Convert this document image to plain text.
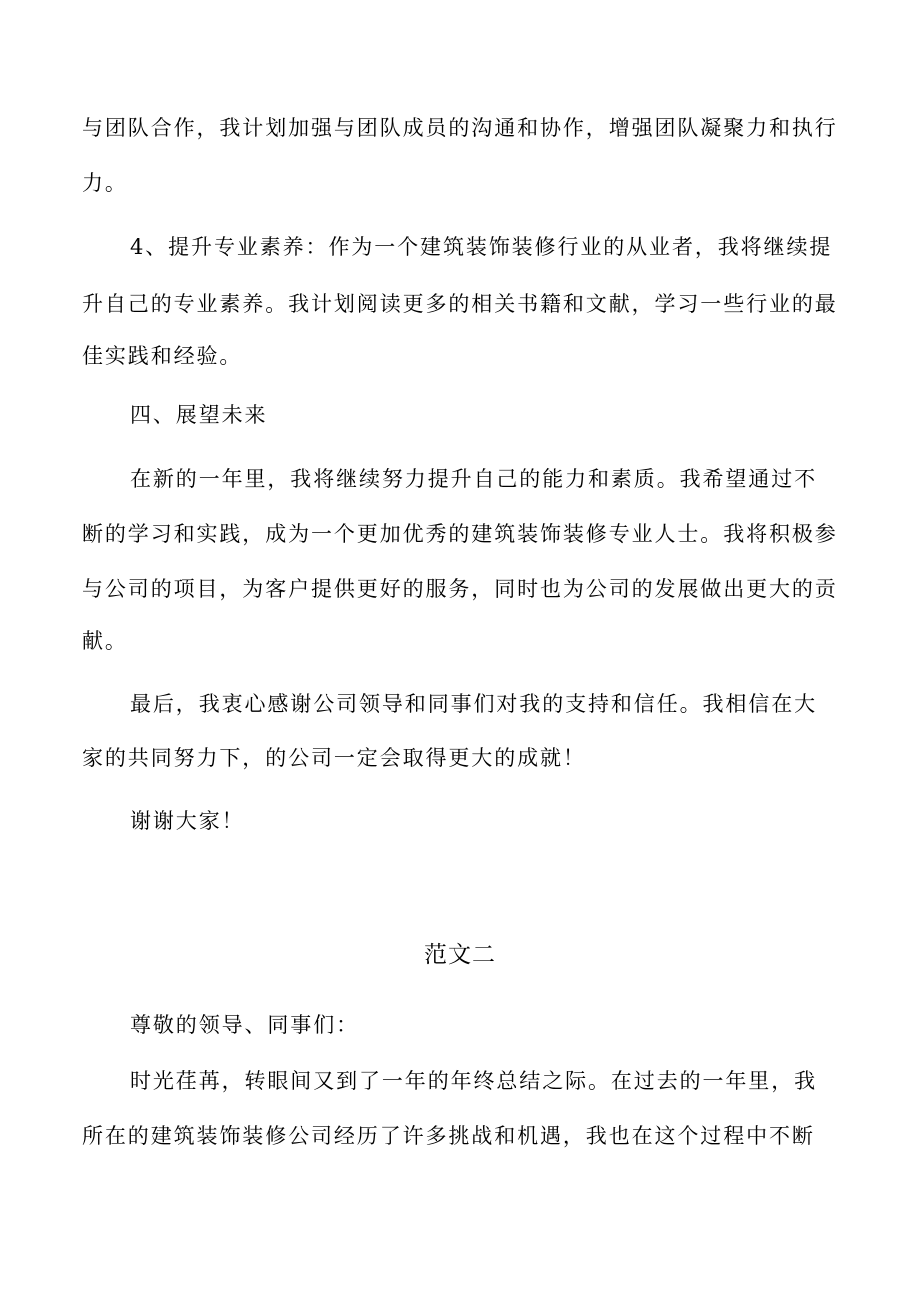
与团队合作，我计划加强与团队成员的沟通和协作，增强团队凝聚力和执行
力。
4、提升专业素养：作为一个建筑装饰装修行业的从业者，我将继续提
升自己的专业素养。我计划阅读更多的相关书籍和文献，学习一些行业的最
佳实践和经验。
四、展望未来
在新的一年里，我将继续努力提升自己的能力和素质。我希望通过不
断的学习和实践，成为一个更加优秀的建筑装饰装修专业人士。我将积极参
与公司的项目，为客户提供更好的服务，同时也为公司的发展做出更大的贡
献。
最后，我衷心感谢公司领导和同事们对我的支持和信任。我相信在大
家的共同努力下，的公司一定会取得更大的成就！
谢谢大家！
范文二
尊敬的领导、同事们：
时光荏苒，转眼间又到了一年的年终总结之际。在过去的一年里，我
所在的建筑装饰装修公司经历了许多挑战和机遇，我也在这个过程中不断
